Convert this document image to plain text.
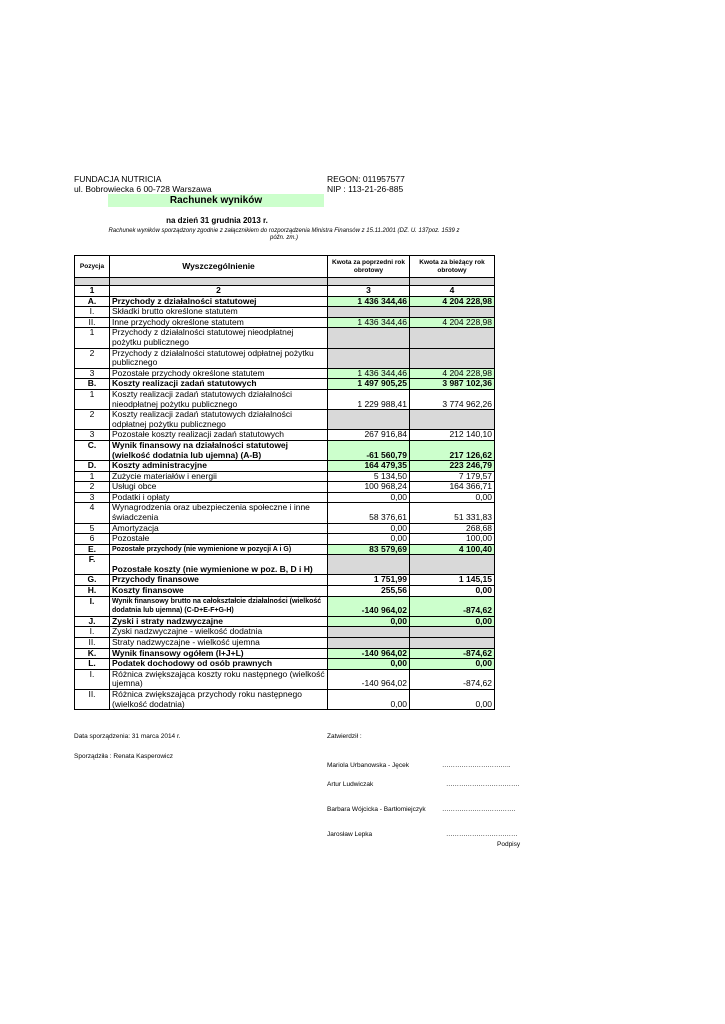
FUNDACJA NUTRICIA
ul. Bobrowiecka 6 00-728 Warszawa
REGON: 011957577
NIP : 113-21-26-885
Rachunek wyników
na dzień 31 grudnia 2013 r.
Rachunek wyników sporządzony zgodnie z załącznikiem do rozporządzenia Ministra Finansów z 15.11.2001 (DZ. U. 137poz. 1539 z
późn. zm.)
Pozycja	Wyszczególnienie	Kwota za poprzedni rok obrotowy	Kwota za bieżący rok obrotowy

1	2	3	4
A.	Przychody z działalności statutowej	1 436 344,46	4 204 228,98
I.	Składki brutto określone statutem		
II.	Inne przychody określone statutem	1 436 344,46	4 204 228,98
1	Przychody z działalności statutowej nieodpłatnej pożytku publicznego		
2	Przychody z działalności statutowej odpłatnej pożytku publicznego		
3	Pozostałe przychody określone statutem	1 436 344,46	4 204 228,98
B.	Koszty realizacji zadań statutowych	1 497 905,25	3 987 102,36
1	Koszty realizacji zadań statutowych działalności nieodpłatnej pożytku publicznego	1 229 988,41	3 774 962,26
2	Koszty realizacji zadań statutowych działalności odpłatnej pożytku publicznego		
3	Pozostałe koszty realizacji zadań statutowych	267 916,84	212 140,10
C.	Wynik finansowy na działalności statutowej (wielkość dodatnia lub ujemna) (A-B)	-61 560,79	217 126,62
D.	Koszty administracyjne	164 479,35	223 246,79
1	Zużycie materiałów i energii	5 134,50	7 179,57
2	Usługi obce	100 968,24	164 366,71
3	Podatki i opłaty	0,00	0,00
4	Wynagrodzenia oraz ubezpieczenia społeczne i inne świadczenia	58 376,61	51 331,83
5	Amortyzacja	0,00	268,68
6	Pozostałe	0,00	100,00
E.	Pozostałe przychody (nie wymienione w pozycji A i G)	83 579,69	4 100,40
F.	Pozostałe koszty (nie wymienione w poz. B, D i H)		
G.	Przychody finansowe	1 751,99	1 145,15
H.	Koszty finansowe	255,56	0,00
I.	Wynik finansowy brutto na całokształcie działalności (wielkość dodatnia lub ujemna) (C-D+E-F+G-H)	-140 964,02	-874,62
J.	Zyski i straty nadzwyczajne	0,00	0,00
I.	Zyski nadzwyczajne - wielkość dodatnia		
II.	Straty nadzwyczajne - wielkość ujemna		
K.	Wynik finansowy ogółem (I+J+L)	-140 964,02	-874,62
L.	Podatek dochodowy od osób prawnych	0,00	0,00
I.	Różnica zwiększająca koszty roku następnego (wielkość ujemna)	-140 964,02	-874,62
II.	Różnica zwiększająca przychody roku następnego (wielkość dodatnia)	0,00	0,00
Data sporządzenia: 31 marca 2014 r.
Sporządziła : Renata Kasperowicz
Zatwierdził :
Mariola Urbanowska - Jęcek	…………………………..
Artur Ludwiczak	…………………………….
Barbara Wójcicka - Bartłomiejczyk	…………………………….
Jarosław Lepka	……………………………
Podpisy
